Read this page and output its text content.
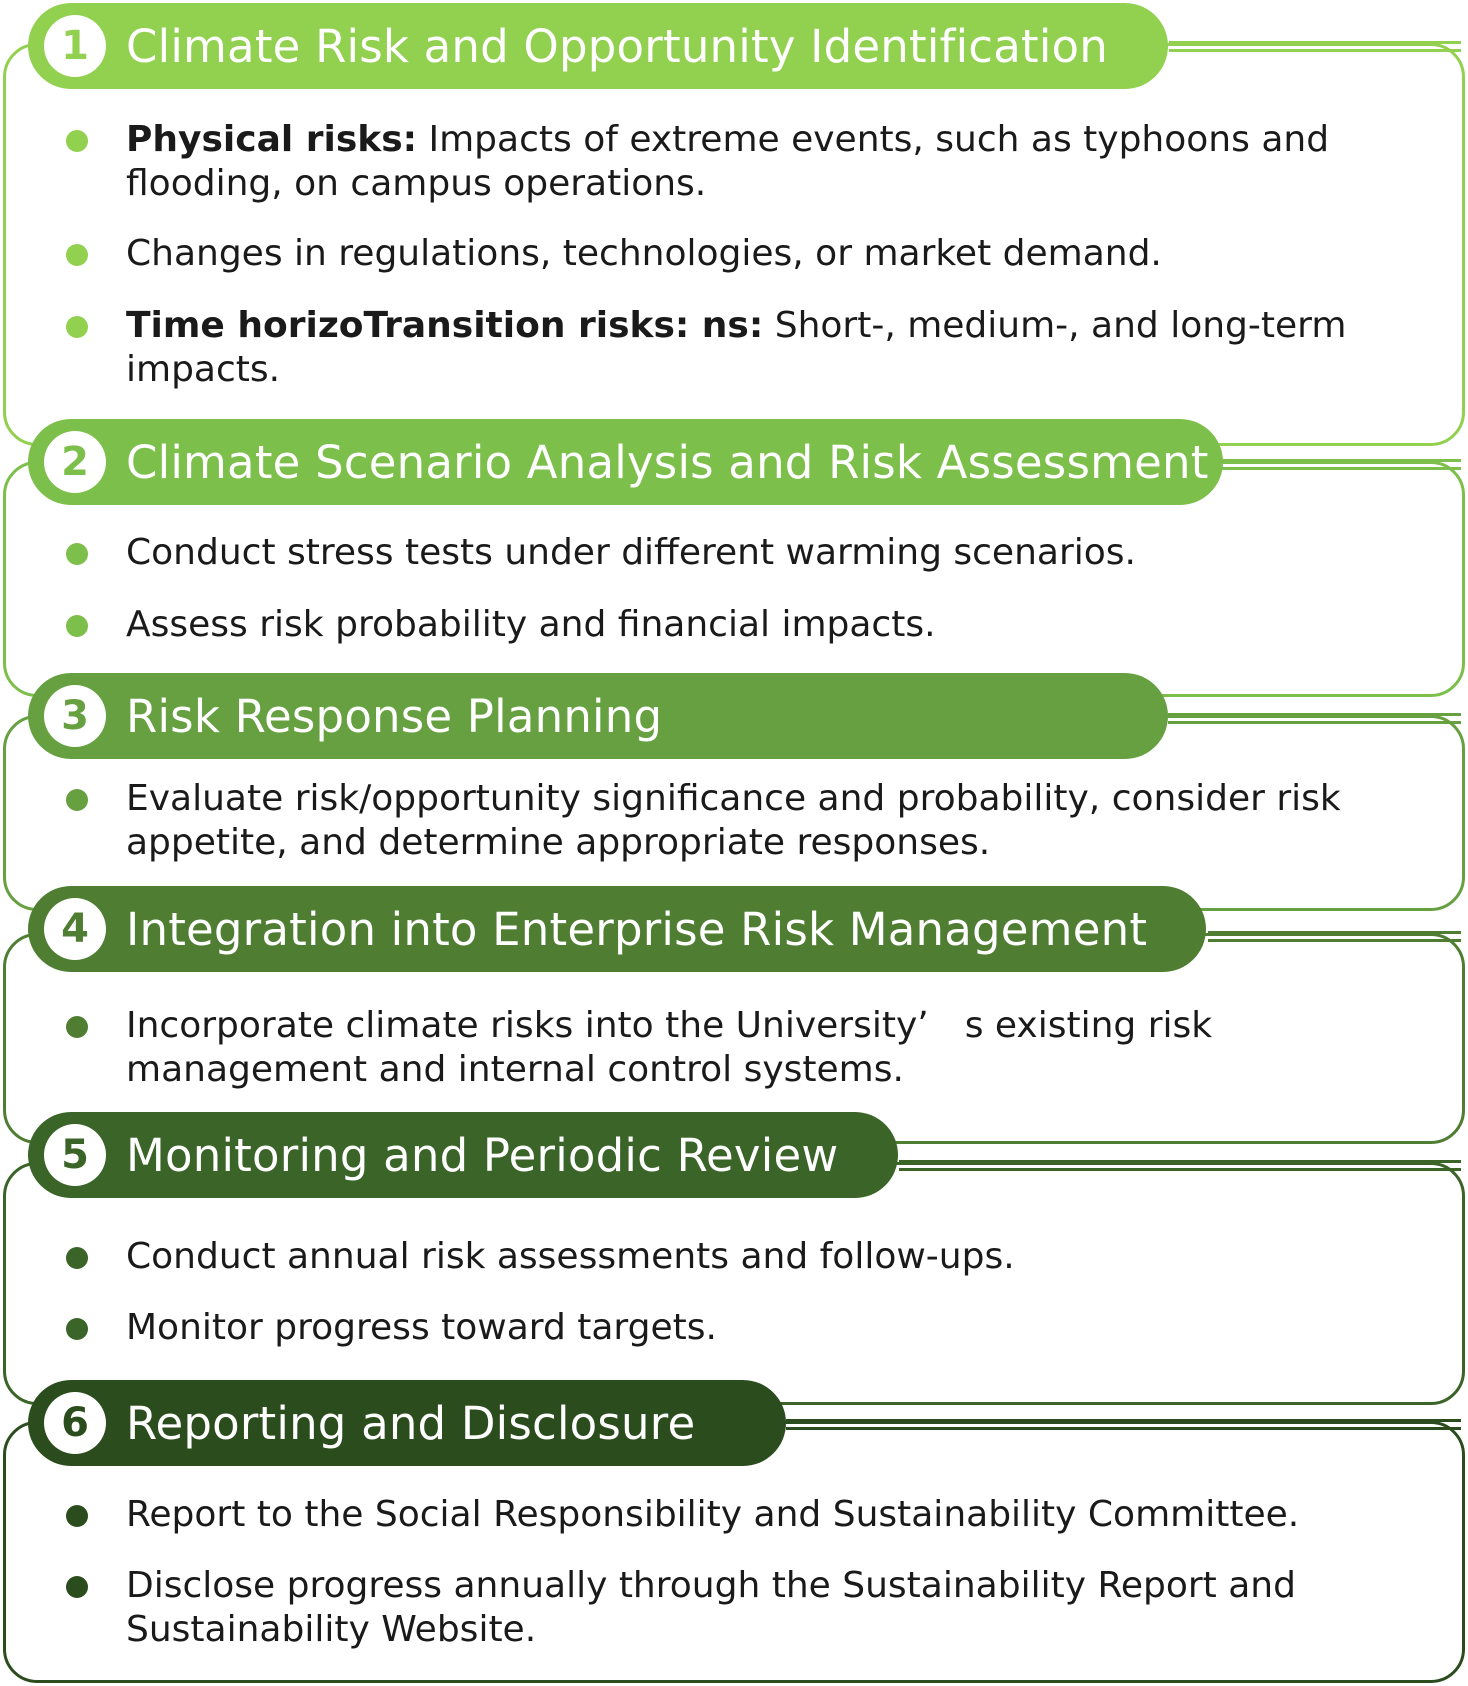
1 Climate Risk and Opportunity Identification
Physical risks: Impacts of extreme events, such as typhoons and flooding, on campus operations.
Changes in regulations, technologies, or market demand.
Time horizoTransition risks: ns: Short-, medium-, and long-term impacts.
2 Climate Scenario Analysis and Risk Assessment
Conduct stress tests under different warming scenarios.
Assess risk probability and financial impacts.
3 Risk Response Planning
Evaluate risk/opportunity significance and probability, consider risk appetite, and determine appropriate responses.
4 Integration into Enterprise Risk Management
Incorporate climate risks into the University’　s existing risk management and internal control systems.
5 Monitoring and Periodic Review
Conduct annual risk assessments and follow-ups.
Monitor progress toward targets.
6 Reporting and Disclosure
Report to the Social Responsibility and Sustainability Committee.
Disclose progress annually through the Sustainability Report and Sustainability Website.
